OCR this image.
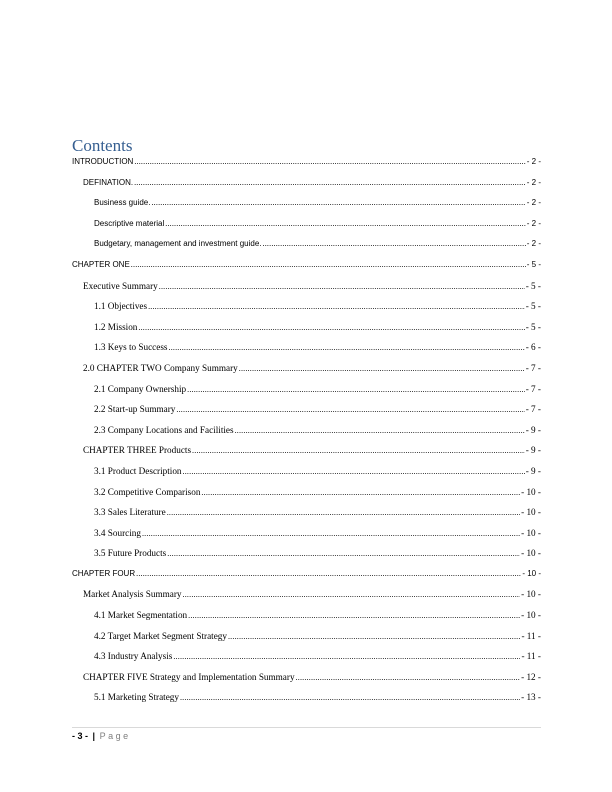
Contents
INTRODUCTION .....	- 2 -
DEFINATION. .....	- 2 -
Business guide. .....	- 2 -
Descriptive material .....	- 2 -
Budgetary, management and investment guide. .....	- 2 -
CHAPTER ONE .....	- 5 -
Executive Summary .....	- 5 -
1.1 Objectives .....	- 5 -
1.2 Mission .....	- 5 -
1.3 Keys to Success .....	- 6 -
2.0 CHAPTER TWO Company Summary .....	- 7 -
2.1 Company Ownership .....	- 7 -
2.2 Start-up Summary .....	- 7 -
2.3 Company Locations and Facilities .....	- 9 -
CHAPTER THREE Products .....	- 9 -
3.1 Product Description .....	- 9 -
3.2 Competitive Comparison .....	- 10 -
3.3 Sales Literature .....	- 10 -
3.4 Sourcing .....	- 10 -
3.5 Future Products .....	- 10 -
CHAPTER FOUR .....	- 10 -
Market Analysis Summary .....	- 10 -
4.1 Market Segmentation .....	- 10 -
4.2 Target Market Segment Strategy .....	- 11 -
4.3 Industry Analysis .....	- 11 -
CHAPTER FIVE Strategy and Implementation Summary .....	- 12 -
5.1 Marketing Strategy .....	- 13 -
- 3 - | Page
